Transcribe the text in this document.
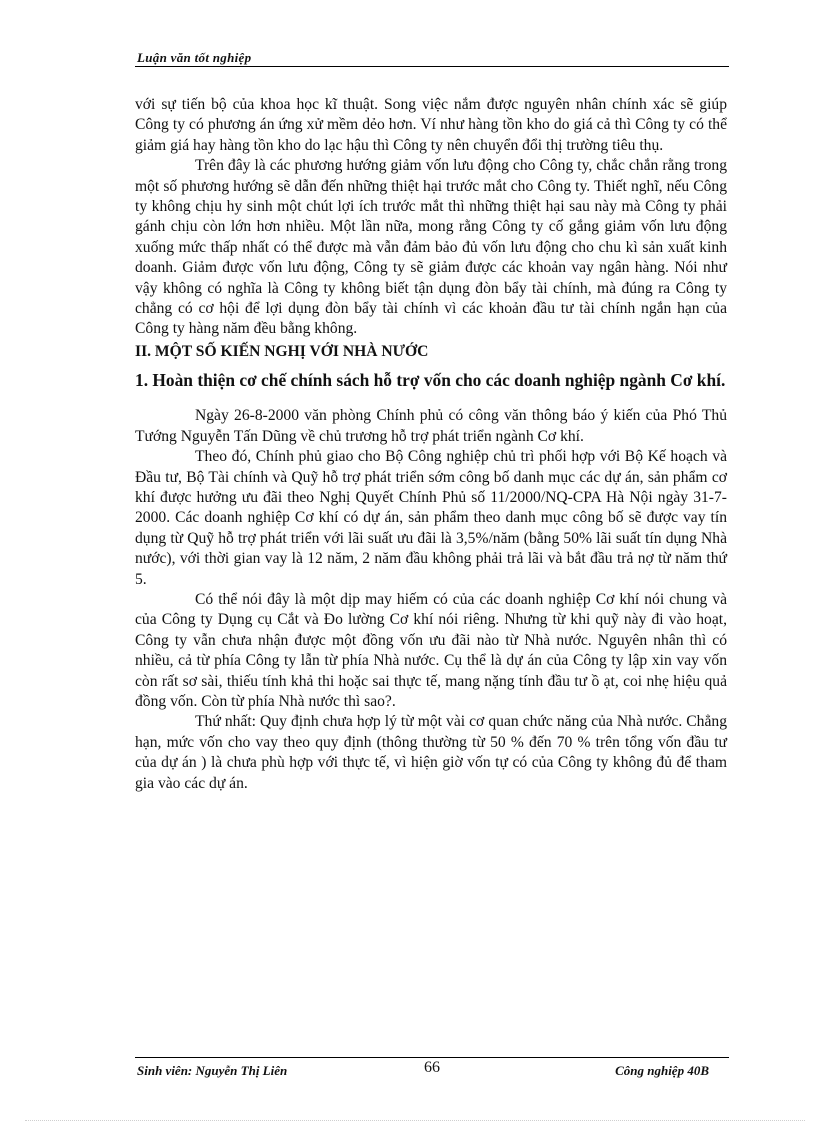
Luận văn tốt nghiệp

với sự tiến bộ của khoa học kĩ thuật. Song việc nắm được nguyên nhân chính xác sẽ giúp Công ty có phương án ứng xử mềm dẻo hơn. Ví như hàng tồn kho do giá cả thì Công ty có thể giảm giá hay hàng tồn kho do lạc hậu thì Công ty nên chuyển đổi thị trường tiêu thụ.

Trên đây là các phương hướng giảm vốn lưu động cho Công ty, chắc chắn rằng trong một số phương hướng sẽ dẫn đến những thiệt hại trước mắt cho Công ty. Thiết nghĩ, nếu Công ty không chịu hy sinh một chút lợi ích trước mắt thì những thiệt hại sau này mà Công ty phải gánh chịu còn lớn hơn nhiều. Một lần nữa, mong rằng Công ty cố gắng giảm vốn lưu động xuống mức thấp nhất có thể được mà vẫn đảm bảo đủ vốn lưu động cho chu kì sản xuất kinh doanh. Giảm được vốn lưu động, Công ty sẽ giảm được các khoản vay ngân hàng. Nói như vậy không có nghĩa là Công ty không biết tận dụng đòn bẩy tài chính, mà đúng ra Công ty chẳng có cơ hội để lợi dụng đòn bẩy tài chính vì các khoản đầu tư tài chính ngắn hạn của Công ty hàng năm đều bằng không.

II. MỘT SỐ KIẾN NGHỊ VỚI NHÀ NƯỚC

1. Hoàn thiện cơ chế chính sách hỗ trợ vốn cho các doanh nghiệp ngành Cơ khí.

Ngày 26-8-2000 văn phòng Chính phủ có công văn thông báo ý kiến của Phó Thủ Tướng Nguyễn Tấn Dũng về chủ trương hỗ trợ phát triển ngành Cơ khí.

Theo đó, Chính phủ giao cho Bộ Công nghiệp chủ trì phối hợp với Bộ Kế hoạch và Đầu tư, Bộ Tài chính và Quỹ hỗ trợ phát triển sớm công bố danh mục các dự án, sản phẩm cơ khí được hưởng ưu đãi theo Nghị Quyết Chính Phủ số 11/2000/NQ-CPA Hà Nội ngày 31-7-2000. Các doanh nghiệp Cơ khí có dự án, sản phẩm theo danh mục công bố sẽ được vay tín dụng từ Quỹ hỗ trợ phát triển với lãi suất ưu đãi là 3,5%/năm (bằng 50% lãi suất tín dụng Nhà nước), với thời gian vay là 12 năm, 2 năm đầu không phải trả lãi và bắt đầu trả nợ từ năm thứ 5.

Có thể nói đây là một dịp may hiếm có của các doanh nghiệp Cơ khí nói chung và của Công ty Dụng cụ Cắt và Đo lường Cơ khí nói riêng. Nhưng từ khi quỹ này đi vào hoạt, Công ty vẫn chưa nhận được một đồng vốn ưu đãi nào từ Nhà nước. Nguyên nhân thì có nhiều, cả từ phía Công ty lẫn từ phía Nhà nước. Cụ thể là dự án của Công ty lập xin vay vốn còn rất sơ sài, thiếu tính khả thi hoặc sai thực tế, mang nặng tính đầu tư ồ ạt, coi nhẹ hiệu quả đồng vốn. Còn từ phía Nhà nước thì sao?.

Thứ nhất: Quy định chưa hợp lý từ một vài cơ quan chức năng của Nhà nước. Chẳng hạn, mức vốn cho vay theo quy định (thông thường từ 50 % đến 70 % trên tổng vốn đầu tư của dự án ) là chưa phù hợp với thực tế, vì hiện giờ vốn tự có của Công ty không đủ để tham gia vào các dự án.

Sinh viên: Nguyễn Thị Liên	66	Công nghiệp 40B
